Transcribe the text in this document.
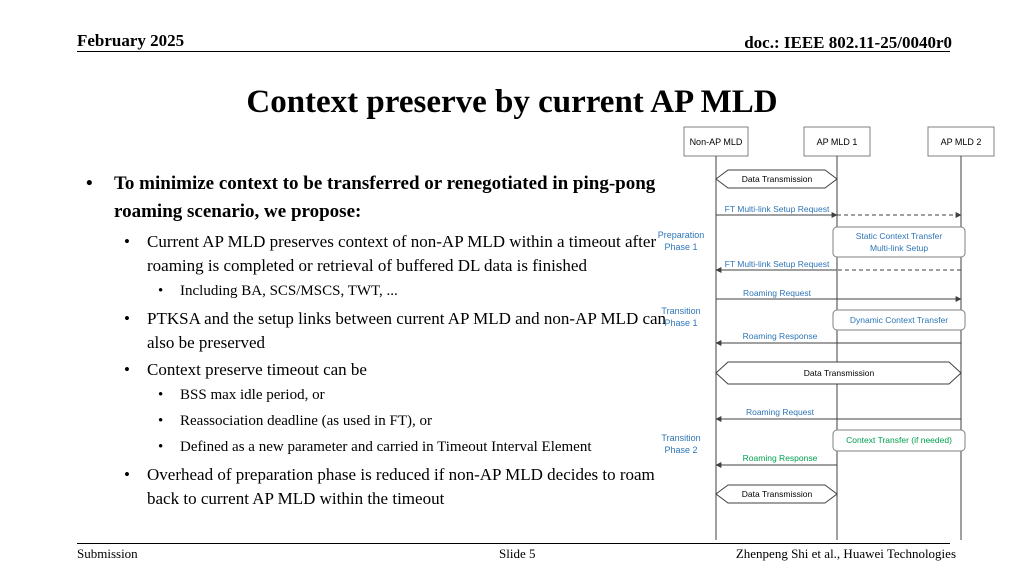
February 2025	doc.: IEEE 802.11-25/0040r0
Context preserve by current AP MLD
• To minimize context to be transferred or renegotiated in ping-pong roaming scenario, we propose:
• Current AP MLD preserves context of non-AP MLD within a timeout after roaming is completed or retrieval of buffered DL data is finished
• Including BA, SCS/MSCS, TWT, ...
• PTKSA and the setup links between current AP MLD and non-AP MLD can also be preserved
• Context preserve timeout can be
• BSS max idle period, or
• Reassociation deadline (as used in FT), or
• Defined as a new parameter and carried in Timeout Interval Element
• Overhead of preparation phase is reduced if non-AP MLD decides to roam back to current AP MLD within the timeout
Non-AP MLD	AP MLD 1	AP MLD 2
Preparation
Phase 1
Transition
Phase 1
Transition
Phase 2
Data Transmission
FT Multi-link Setup Request
Static Context Transfer
Multi-link Setup
FT Multi-link Setup Request
Roaming Request
Dynamic Context Transfer
Roaming Response
Data Transmission
Roaming Request
Context Transfer (if needed)
Roaming Response
Data Transmission
Submission	Slide 5	Zhenpeng Shi et al., Huawei Technologies
